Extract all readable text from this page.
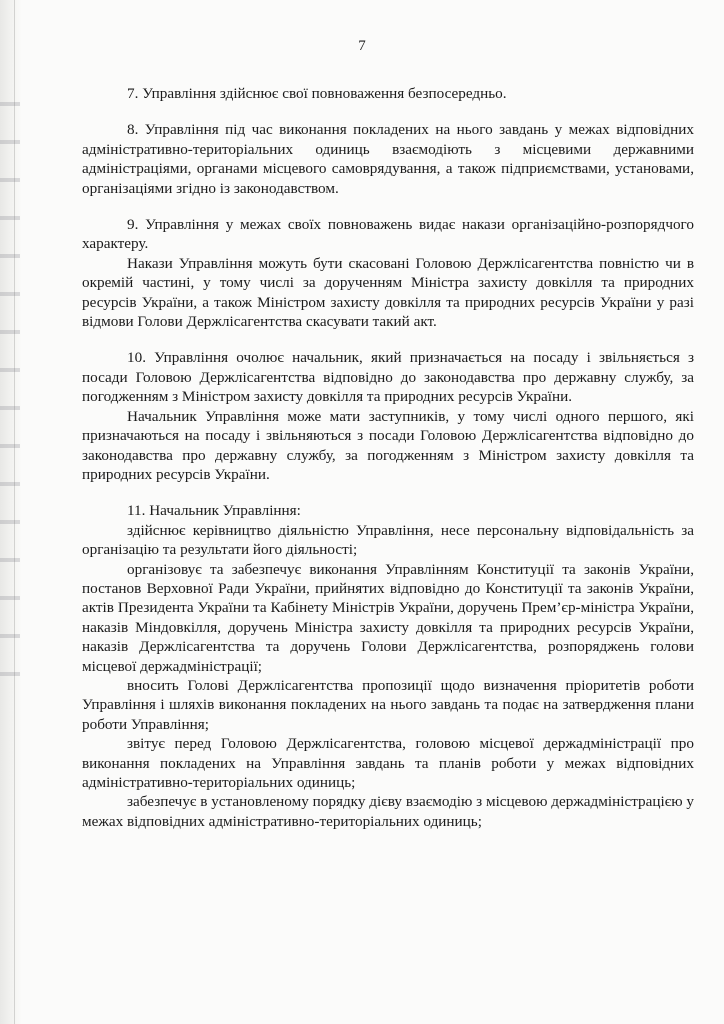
7

7. Управління здійснює свої повноваження безпосередньо.

8. Управління під час виконання покладених на нього завдань у межах відповідних адміністративно-територіальних одиниць взаємодіють з місцевими державними адміністраціями, органами місцевого самоврядування, а також підприємствами, установами, організаціями згідно із законодавством.

9. Управління у межах своїх повноважень видає накази організаційно-розпорядчого характеру.

Накази Управління можуть бути скасовані Головою Держлісагентства повністю чи в окремій частині, у тому числі за дорученням Міністра захисту довкілля та природних ресурсів України, а також Міністром захисту довкілля та природних ресурсів України у разі відмови Голови Держлісагентства скасувати такий акт.

10. Управління очолює начальник, який призначається на посаду і звільняється з посади Головою Держлісагентства відповідно до законодавства про державну службу, за погодженням з Міністром захисту довкілля та природних ресурсів України.

Начальник Управління може мати заступників, у тому числі одного першого, які призначаються на посаду і звільняються з посади Головою Держлісагентства відповідно до законодавства про державну службу, за погодженням з Міністром захисту довкілля та природних ресурсів України.

11. Начальник Управління:

здійснює керівництво діяльністю Управління, несе персональну відповідальність за організацію та результати його діяльності;

організовує та забезпечує виконання Управлінням Конституції та законів України, постанов Верховної Ради України, прийнятих відповідно до Конституції та законів України, актів Президента України та Кабінету Міністрів України, доручень Прем’єр-міністра України, наказів Міндовкілля, доручень Міністра захисту довкілля та природних ресурсів України, наказів Держлісагентства та доручень Голови Держлісагентства, розпоряджень голови місцевої держадміністрації;

вносить Голові Держлісагентства пропозиції щодо визначення пріоритетів роботи Управління і шляхів виконання покладених на нього завдань та подає на затвердження плани роботи Управління;

звітує перед Головою Держлісагентства, головою місцевої держадміністрації про виконання покладених на Управління завдань та планів роботи у межах відповідних адміністративно-територіальних одиниць;

забезпечує в установленому порядку дієву взаємодію з місцевою держадміністрацією у межах відповідних адміністративно-територіальних одиниць;
